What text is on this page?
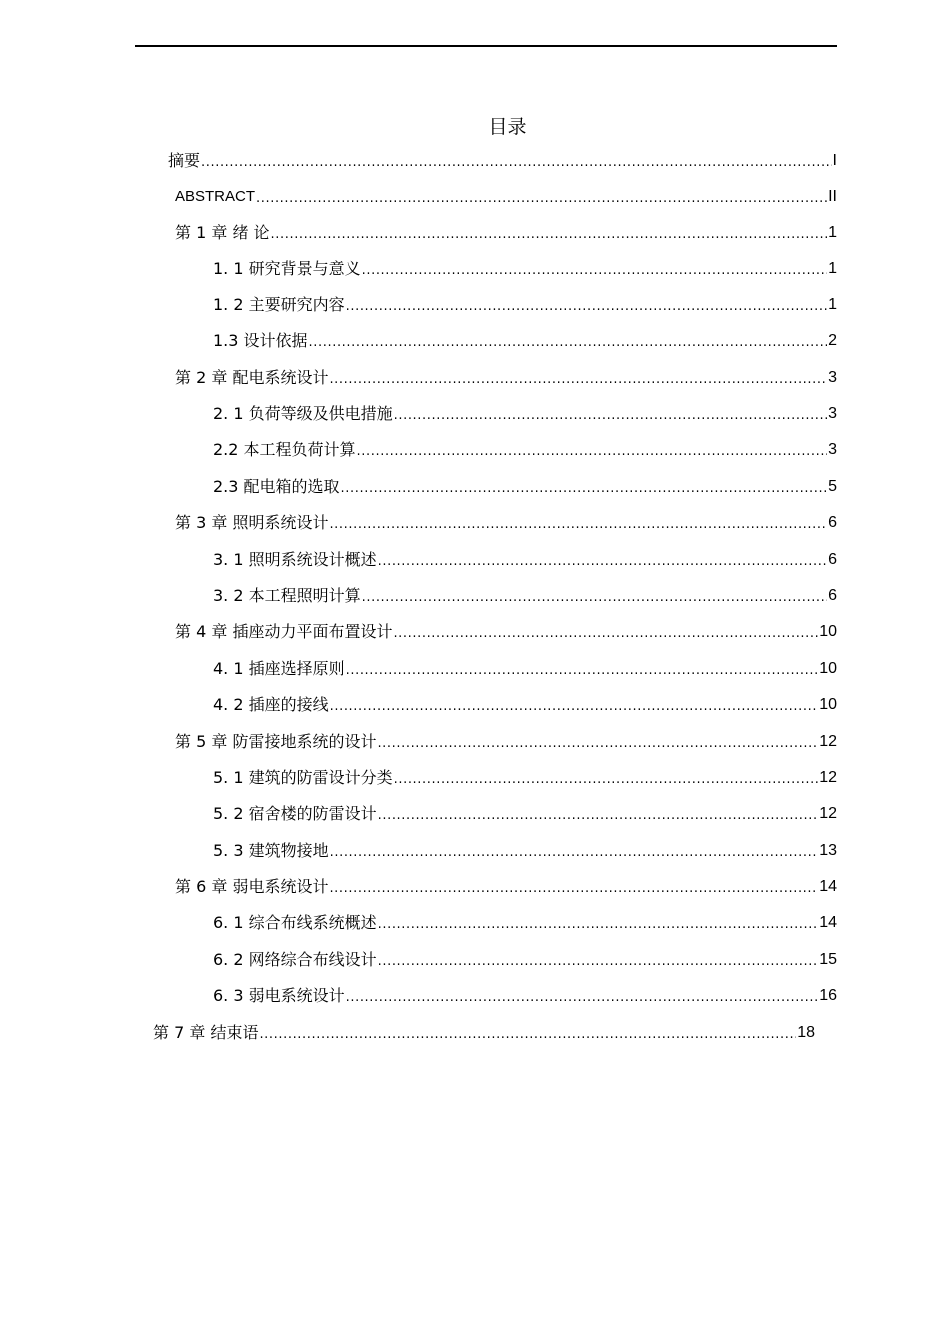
目录
摘要 .....	I
ABSTRACT .....	II
第 1 章 绪 论 .....	1
1. 1 研究背景与意义 .....	1
1. 2 主要研究内容 .....	1
1.3 设计依据 .....	2
第 2 章 配电系统设计 .....	3
2. 1 负荷等级及供电措施 .....	3
2.2 本工程负荷计算 .....	3
2.3 配电箱的选取 .....	5
第 3 章 照明系统设计 .....	6
3. 1 照明系统设计概述 .....	6
3. 2 本工程照明计算 .....	6
第 4 章 插座动力平面布置设计 .....	10
4. 1 插座选择原则 .....	10
4. 2 插座的接线 .....	10
第 5 章 防雷接地系统的设计 .....	12
5. 1 建筑的防雷设计分类 .....	12
5. 2 宿舍楼的防雷设计 .....	12
5. 3 建筑物接地 .....	13
第 6 章 弱电系统设计 .....	14
6. 1 综合布线系统概述 .....	14
6. 2 网络综合布线设计 .....	15
6. 3 弱电系统设计 .....	16
第 7 章 结束语 .....	18
